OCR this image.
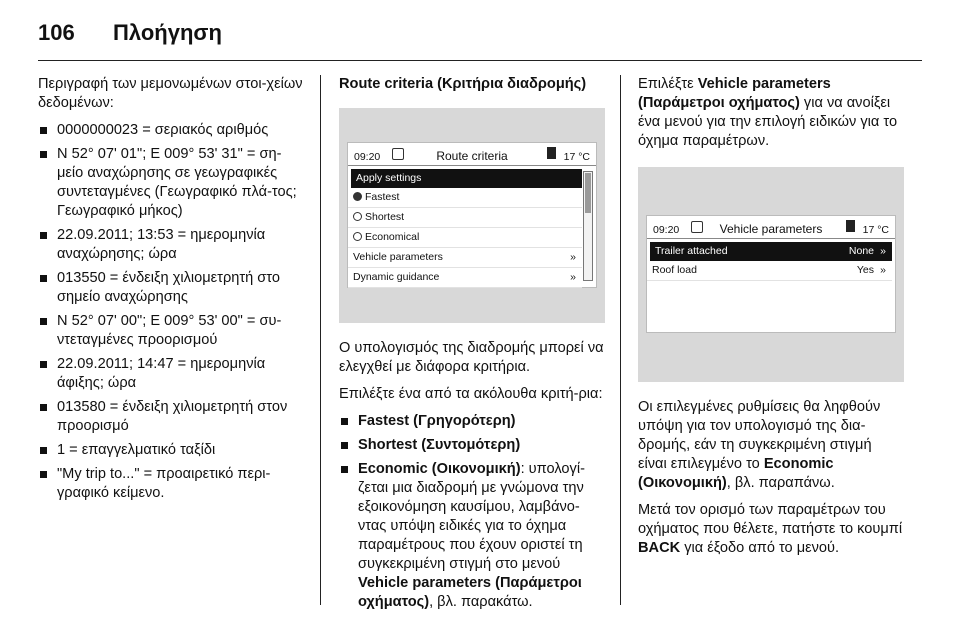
106 Πλοήγηση

Περιγραφή των μεμονωμένων στοι-χείων δεδομένων:

0000000023 = σεριακός αριθμός
N 52° 07' 01"; E 009° 53' 31" = ση-μείο αναχώρησης σε γεωγραφικές συντεταγμένες (Γεωγραφικό πλά-τος; Γεωγραφικό μήκος)
22.09.2011; 13:53 = ημερομηνία αναχώρησης; ώρα
013550 = ένδειξη χιλιομετρητή στο σημείο αναχώρησης
N 52° 07' 00"; E 009° 53' 00" = συ-ντεταγμένες προορισμού
22.09.2011; 14:47 = ημερομηνία άφιξης; ώρα
013580 = ένδειξη χιλιομετρητή στον προορισμό
1 = επαγγελματικό ταξίδι
"My trip to..." = προαιρετικό περι-γραφικό κείμενο.
Route criteria (Κριτήρια διαδρομής)
09:20	Route criteria	17 °C
Apply settings
Fastest
Shortest
Economical
Vehicle parameters	»
Dynamic guidance	»

Ο υπολογισμός της διαδρομής μπορεί να ελεγχθεί με διάφορα κριτήρια.

Επιλέξτε ένα από τα ακόλουθα κριτή-ρια:

Fastest (Γρηγορότερη)
Shortest (Συντομότερη)
Economic (Οικονομική): υπολογί-ζεται μια διαδρομή με γνώμονα την εξοικονόμηση καυσίμου, λαμβάνο-ντας υπόψη ειδικές για το όχημα παραμέτρους που έχουν οριστεί τη συγκεκριμένη στιγμή στο μενού Vehicle parameters (Παράμετροι οχήματος), βλ. παρακάτω.

Επιλέξτε Vehicle parameters (Παράμετροι οχήματος) για να ανοίξει ένα μενού για την επιλογή ειδικών για το όχημα παραμέτρων.

09:20	Vehicle parameters	17 °C
Trailer attached	None »
Roof load	Yes »

Οι επιλεγμένες ρυθμίσεις θα ληφθούν υπόψη για τον υπολογισμό της δια-δρομής, εάν τη συγκεκριμένη στιγμή είναι επιλεγμένο το Economic (Οικονομική), βλ. παραπάνω.

Μετά τον ορισμό των παραμέτρων του οχήματος που θέλετε, πατήστε το κουμπί BACK για έξοδο από το μενού.
